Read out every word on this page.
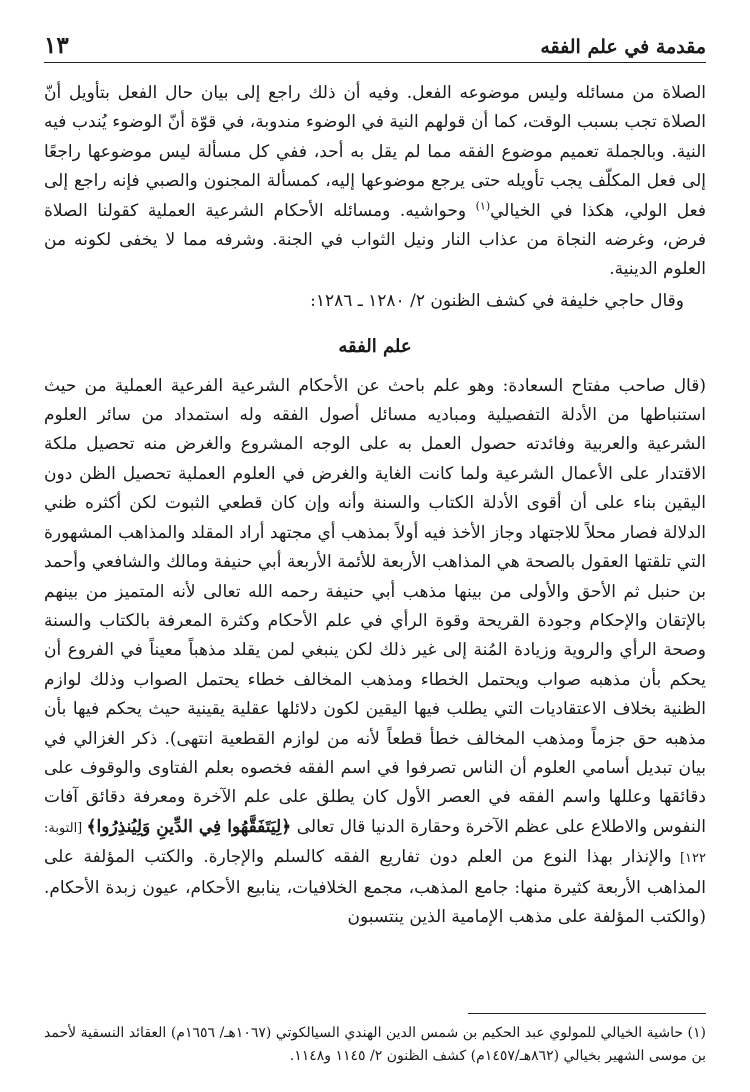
مقدمة في علم الفقه
١٣

الصلاة من مسائله وليس موضوعه الفعل. وفيه أن ذلك راجع إلى بيان حال الفعل بتأويل أنّ الصلاة تجب بسبب الوقت، كما أن قولهم النية في الوضوء مندوبة، في قوّة أنّ الوضوء يُندب فيه النية. وبالجملة تعميم موضوع الفقه مما لم يقل به أحد، ففي كل مسألة ليس موضوعها راجعًا إلى فعل المكلّف يجب تأويله حتى يرجع موضوعها إليه، كمسألة المجنون والصبي فإنه راجع إلى فعل الولي، هكذا في الخيالي$^{(١)}$ وحواشيه. ومسائله الأحكام الشرعية العملية كقولنا الصلاة فرض، وغرضه النجاة من عذاب النار ونيل الثواب في الجنة. وشرفه مما لا يخفى لكونه من العلوم الدينية.

وقال حاجي خليفة في كشف الظنون ٢/ ١٢٨٠ ـ ١٢٨٦:

علم الفقه

(قال صاحب مفتاح السعادة: وهو علم باحث عن الأحكام الشرعية الفرعية العملية من حيث استنباطها من الأدلة التفصيلية ومباديه مسائل أصول الفقه وله استمداد من سائر العلوم الشرعية والعربية وفائدته حصول العمل به على الوجه المشروع والغرض منه تحصيل ملكة الاقتدار على الأعمال الشرعية ولما كانت الغاية والغرض في العلوم العملية تحصيل الظن دون اليقين بناء على أن أقوى الأدلة الكتاب والسنة وأنه وإن كان قطعي الثبوت لكن أكثره ظني الدلالة فصار محلاً للاجتهاد وجاز الأخذ فيه أولاً بمذهب أي مجتهد أراد المقلد والمذاهب المشهورة التي تلقتها العقول بالصحة هي المذاهب الأربعة للأئمة الأربعة أبي حنيفة ومالك والشافعي وأحمد بن حنبل ثم الأحق والأولى من بينها مذهب أبي حنيفة رحمه الله تعالى لأنه المتميز من بينهم بالإتقان والإحكام وجودة القريحة وقوة الرأي في علم الأحكام وكثرة المعرفة بالكتاب والسنة وصحة الرأي والروية وزيادة المُنة إلى غير ذلك لكن ينبغي لمن يقلد مذهباً معيناً في الفروع أن يحكم بأن مذهبه صواب ويحتمل الخطاء ومذهب المخالف خطاء يحتمل الصواب وذلك لوازم الظنية بخلاف الاعتقاديات التي يطلب فيها اليقين لكون دلائلها عقلية يقينية حيث يحكم فيها بأن مذهبه حق جزماً ومذهب المخالف خطأ قطعاً لأنه من لوازم القطعية انتهى). ذكر الغزالي في بيان تبديل أسامي العلوم أن الناس تصرفوا في اسم الفقه فخصوه بعلم الفتاوى والوقوف على دقائقها وعللها واسم الفقه في العصر الأول كان يطلق على علم الآخرة ومعرفة دقائق آفات النفوس والاطلاع على عظم الآخرة وحقارة الدنيا قال تعالى ﴿لِيَتَفَقَّهُوا فِي الدِّينِ وَلِيُنذِرُوا﴾ [التوبة: ١٢٢] والإنذار بهذا النوع من العلم دون تفاريع الفقه كالسلم والإجارة. والكتب المؤلفة على المذاهب الأربعة كثيرة منها: جامع المذهب، مجمع الخلافيات، ينابيع الأحكام، عيون زبدة الأحكام. (والكتب المؤلفة على مذهب الإمامية الذين ينتسبون

(١) حاشية الخيالي للمولوي عبد الحكيم بن شمس الدين الهندي السيالكوتي (١٠٦٧هـ/ ١٦٥٦م) العقائد النسفية لأحمد بن موسى الشهير بخيالي (٨٦٢هـ/١٤٥٧م) كشف الظنون ٢/ ١١٤٥ و١١٤٨.
